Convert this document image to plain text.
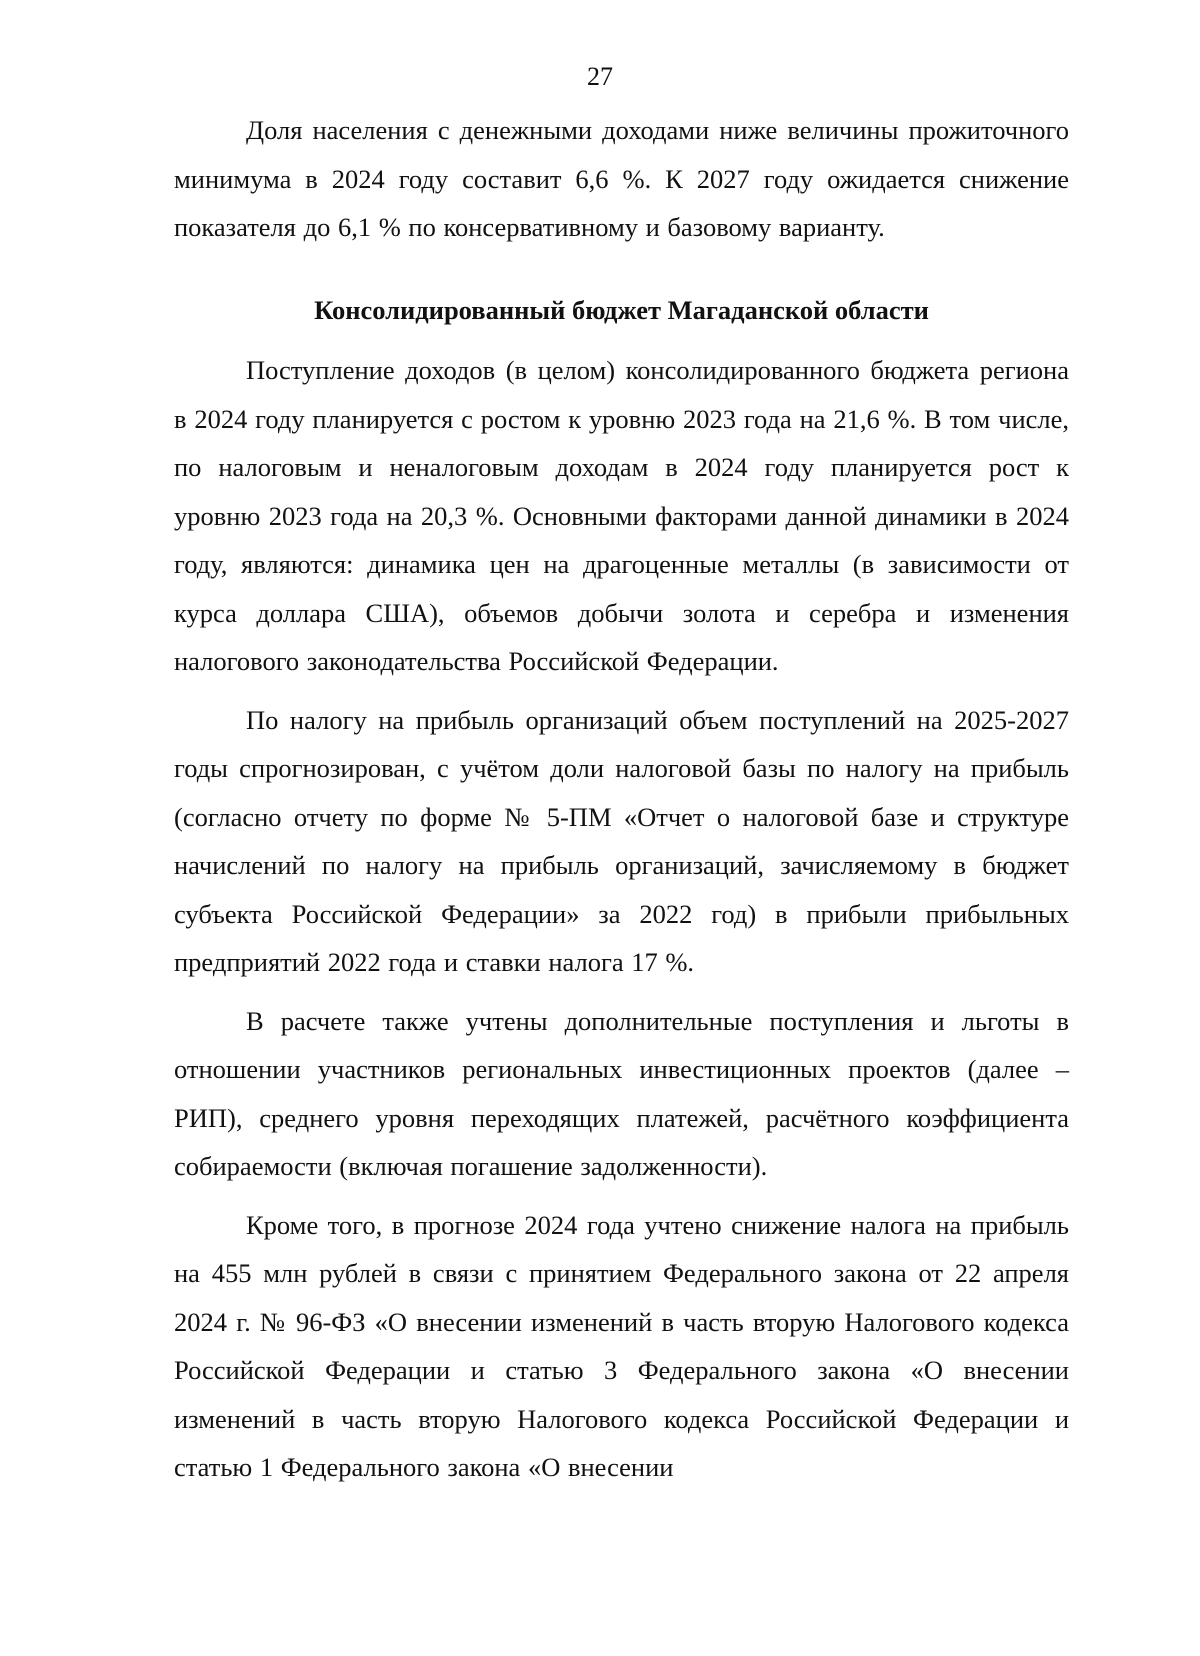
27

Доля населения с денежными доходами ниже величины прожиточного минимума в 2024 году составит 6,6 %. К 2027 году ожидается снижение показателя до 6,1 % по консервативному и базовому варианту.

Консолидированный бюджет Магаданской области

Поступление доходов (в целом) консолидированного бюджета региона в 2024 году планируется с ростом к уровню 2023 года на 21,6 %. В том числе, по налоговым и неналоговым доходам в 2024 году планируется рост к уровню 2023 года на 20,3 %. Основными факторами данной динамики в 2024 году, являются: динамика цен на драгоценные металлы (в зависимости от курса доллара США), объемов добычи золота и серебра и изменения налогового законодательства Российской Федерации.

По налогу на прибыль организаций объем поступлений на 2025-2027 годы спрогнозирован, с учётом доли налоговой базы по налогу на прибыль (согласно отчету по форме № 5-ПМ «Отчет о налоговой базе и структуре начислений по налогу на прибыль организаций, зачисляемому в бюджет субъекта Российской Федерации» за 2022 год) в прибыли прибыльных предприятий 2022 года и ставки налога 17 %.

В расчете также учтены дополнительные поступления и льготы в отношении участников региональных инвестиционных проектов (далее – РИП), среднего уровня переходящих платежей, расчётного коэффициента собираемости (включая погашение задолженности).

Кроме того, в прогнозе 2024 года учтено снижение налога на прибыль на 455 млн рублей в связи с принятием Федерального закона от 22 апреля 2024 г. № 96-ФЗ «О внесении изменений в часть вторую Налогового кодекса Российской Федерации и статью 3 Федерального закона «О внесении изменений в часть вторую Налогового кодекса Российской Федерации и статью 1 Федерального закона «О внесении
